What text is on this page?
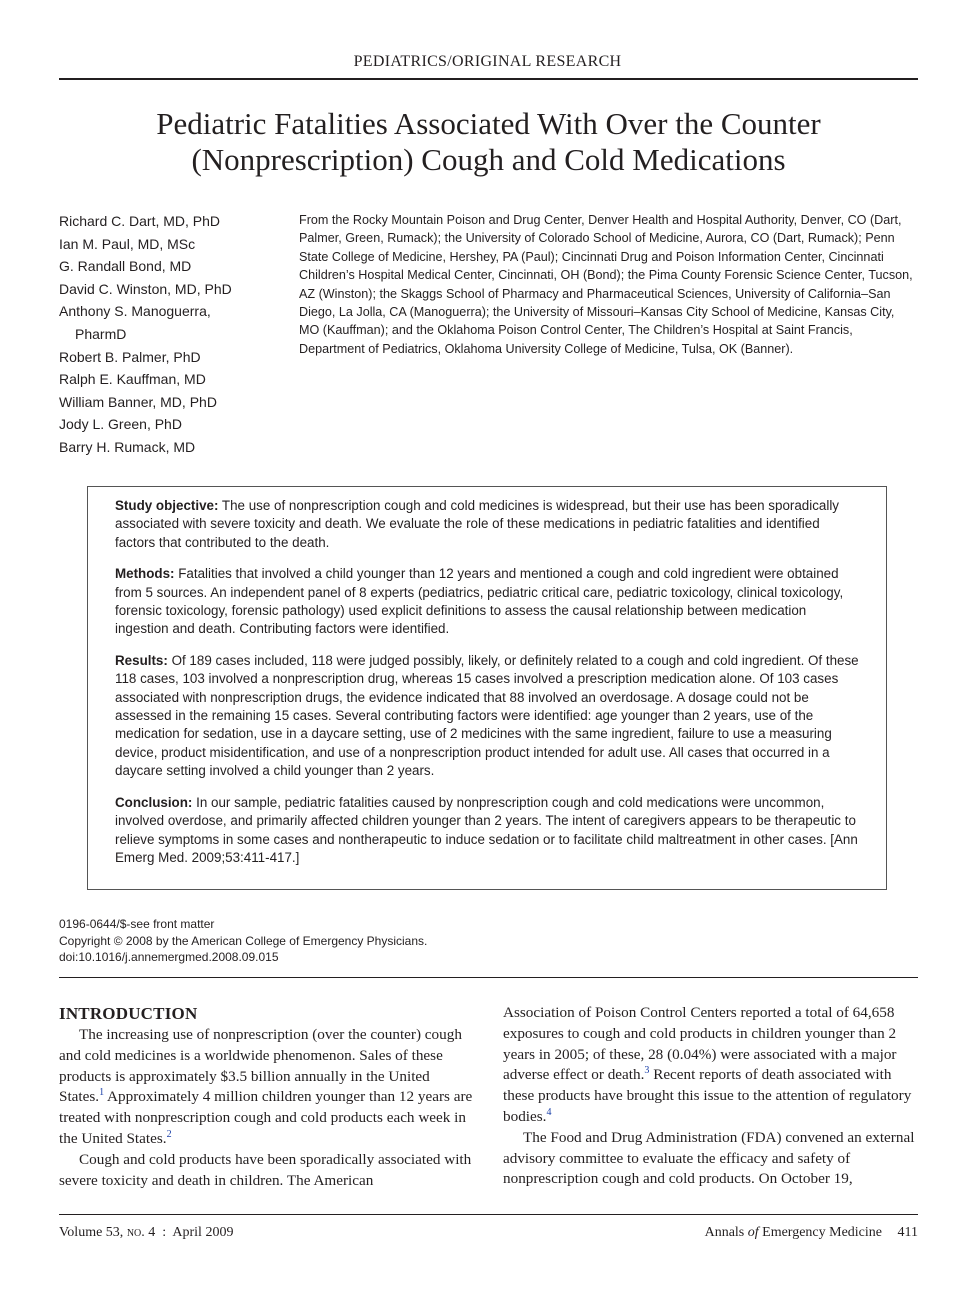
PEDIATRICS/ORIGINAL RESEARCH
Pediatric Fatalities Associated With Over the Counter
(Nonprescription) Cough and Cold Medications
Richard C. Dart, MD, PhD
Ian M. Paul, MD, MSc
G. Randall Bond, MD
David C. Winston, MD, PhD
Anthony S. Manoguerra, PharmD
Robert B. Palmer, PhD
Ralph E. Kauffman, MD
William Banner, MD, PhD
Jody L. Green, PhD
Barry H. Rumack, MD

From the Rocky Mountain Poison and Drug Center, Denver Health and Hospital Authority, Denver, CO (Dart, Palmer, Green, Rumack); the University of Colorado School of Medicine, Aurora, CO (Dart, Rumack); Penn State College of Medicine, Hershey, PA (Paul); Cincinnati Drug and Poison Information Center, Cincinnati Children’s Hospital Medical Center, Cincinnati, OH (Bond); the Pima County Forensic Science Center, Tucson, AZ (Winston); the Skaggs School of Pharmacy and Pharmaceutical Sciences, University of California–San Diego, La Jolla, CA (Manoguerra); the University of Missouri–Kansas City School of Medicine, Kansas City, MO (Kauffman); and the Oklahoma Poison Control Center, The Children’s Hospital at Saint Francis, Department of Pediatrics, Oklahoma University College of Medicine, Tulsa, OK (Banner).

Study objective: The use of nonprescription cough and cold medicines is widespread, but their use has been sporadically associated with severe toxicity and death. We evaluate the role of these medications in pediatric fatalities and identified factors that contributed to the death.

Methods: Fatalities that involved a child younger than 12 years and mentioned a cough and cold ingredient were obtained from 5 sources. An independent panel of 8 experts (pediatrics, pediatric critical care, pediatric toxicology, clinical toxicology, forensic toxicology, forensic pathology) used explicit definitions to assess the causal relationship between medication ingestion and death. Contributing factors were identified.

Results: Of 189 cases included, 118 were judged possibly, likely, or definitely related to a cough and cold ingredient. Of these 118 cases, 103 involved a nonprescription drug, whereas 15 cases involved a prescription medication alone. Of 103 cases associated with nonprescription drugs, the evidence indicated that 88 involved an overdosage. A dosage could not be assessed in the remaining 15 cases. Several contributing factors were identified: age younger than 2 years, use of the medication for sedation, use in a daycare setting, use of 2 medicines with the same ingredient, failure to use a measuring device, product misidentification, and use of a nonprescription product intended for adult use. All cases that occurred in a daycare setting involved a child younger than 2 years.

Conclusion: In our sample, pediatric fatalities caused by nonprescription cough and cold medications were uncommon, involved overdose, and primarily affected children younger than 2 years. The intent of caregivers appears to be therapeutic to relieve symptoms in some cases and nontherapeutic to induce sedation or to facilitate child maltreatment in other cases. [Ann Emerg Med. 2009;53:411-417.]

0196-0644/$-see front matter
Copyright © 2008 by the American College of Emergency Physicians.
doi:10.1016/j.annemergmed.2008.09.015
INTRODUCTION

The increasing use of nonprescription (over the counter) cough and cold medicines is a worldwide phenomenon. Sales of these products is approximately $3.5 billion annually in the United States.$^1$ Approximately 4 million children younger than 12 years are treated with nonprescription cough and cold products each week in the United States.$^2$

Cough and cold products have been sporadically associated with severe toxicity and death in children. The American

Association of Poison Control Centers reported a total of 64,658 exposures to cough and cold products in children younger than 2 years in 2005; of these, 28 (0.04%) were associated with a major adverse effect or death.$^3$ Recent reports of death associated with these products have brought this issue to the attention of regulatory bodies.$^4$

The Food and Drug Administration (FDA) convened an external advisory committee to evaluate the efficacy and safety of nonprescription cough and cold products. On October 19,

Volume 53, no. 4 : April 2009	Annals of Emergency Medicine 411
